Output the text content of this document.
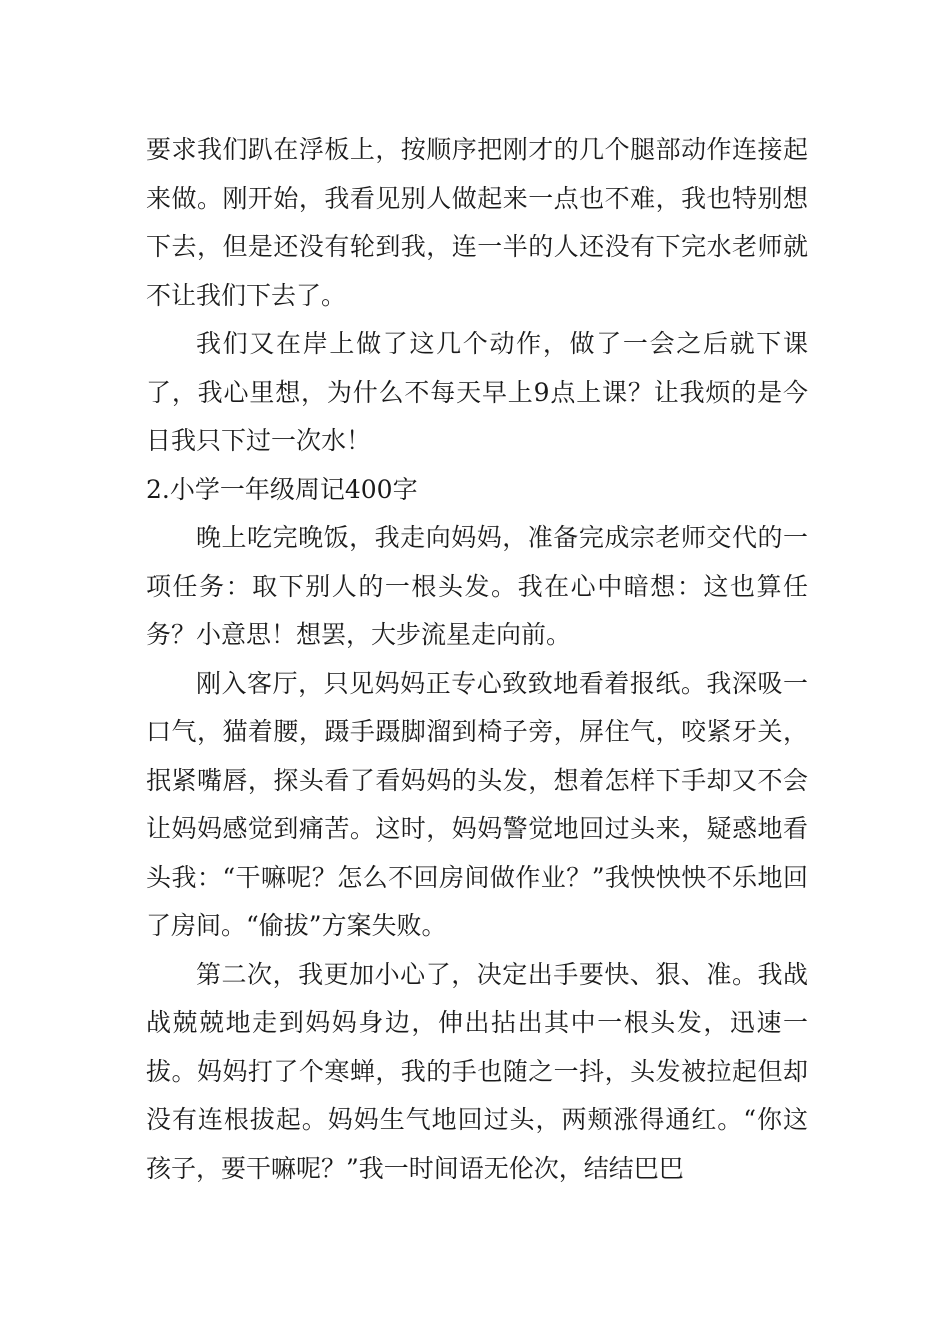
要求我们趴在浮板上，按顺序把刚才的几个腿部动作连接起来做。刚开始，我看见别人做起来一点也不难，我也特别想下去，但是还没有轮到我，连一半的人还没有下完水老师就不让我们下去了。

我们又在岸上做了这几个动作，做了一会之后就下课了，我心里想，为什么不每天早上9点上课？让我烦的是今日我只下过一次水！

2.小学一年级周记400字

晚上吃完晚饭，我走向妈妈，准备完成宗老师交代的一项任务：取下别人的一根头发。我在心中暗想：这也算任务？小意思！想罢，大步流星走向前。

刚入客厅，只见妈妈正专心致致地看着报纸。我深吸一口气，猫着腰，蹑手蹑脚溜到椅子旁，屏住气，咬紧牙关，抿紧嘴唇，探头看了看妈妈的头发，想着怎样下手却又不会让妈妈感觉到痛苦。这时，妈妈警觉地回过头来，疑惑地看头我：“干嘛呢？怎么不回房间做作业？”我怏怏怏不乐地回了房间。“偷拔”方案失败。

第二次，我更加小心了，决定出手要快、狠、准。我战战兢兢地走到妈妈身边，伸出拈出其中一根头发，迅速一拔。妈妈打了个寒蝉，我的手也随之一抖，头发被拉起但却没有连根拔起。妈妈生气地回过头，两颊涨得通红。“你这孩子，要干嘛呢？”我一时间语无伦次，结结巴巴
